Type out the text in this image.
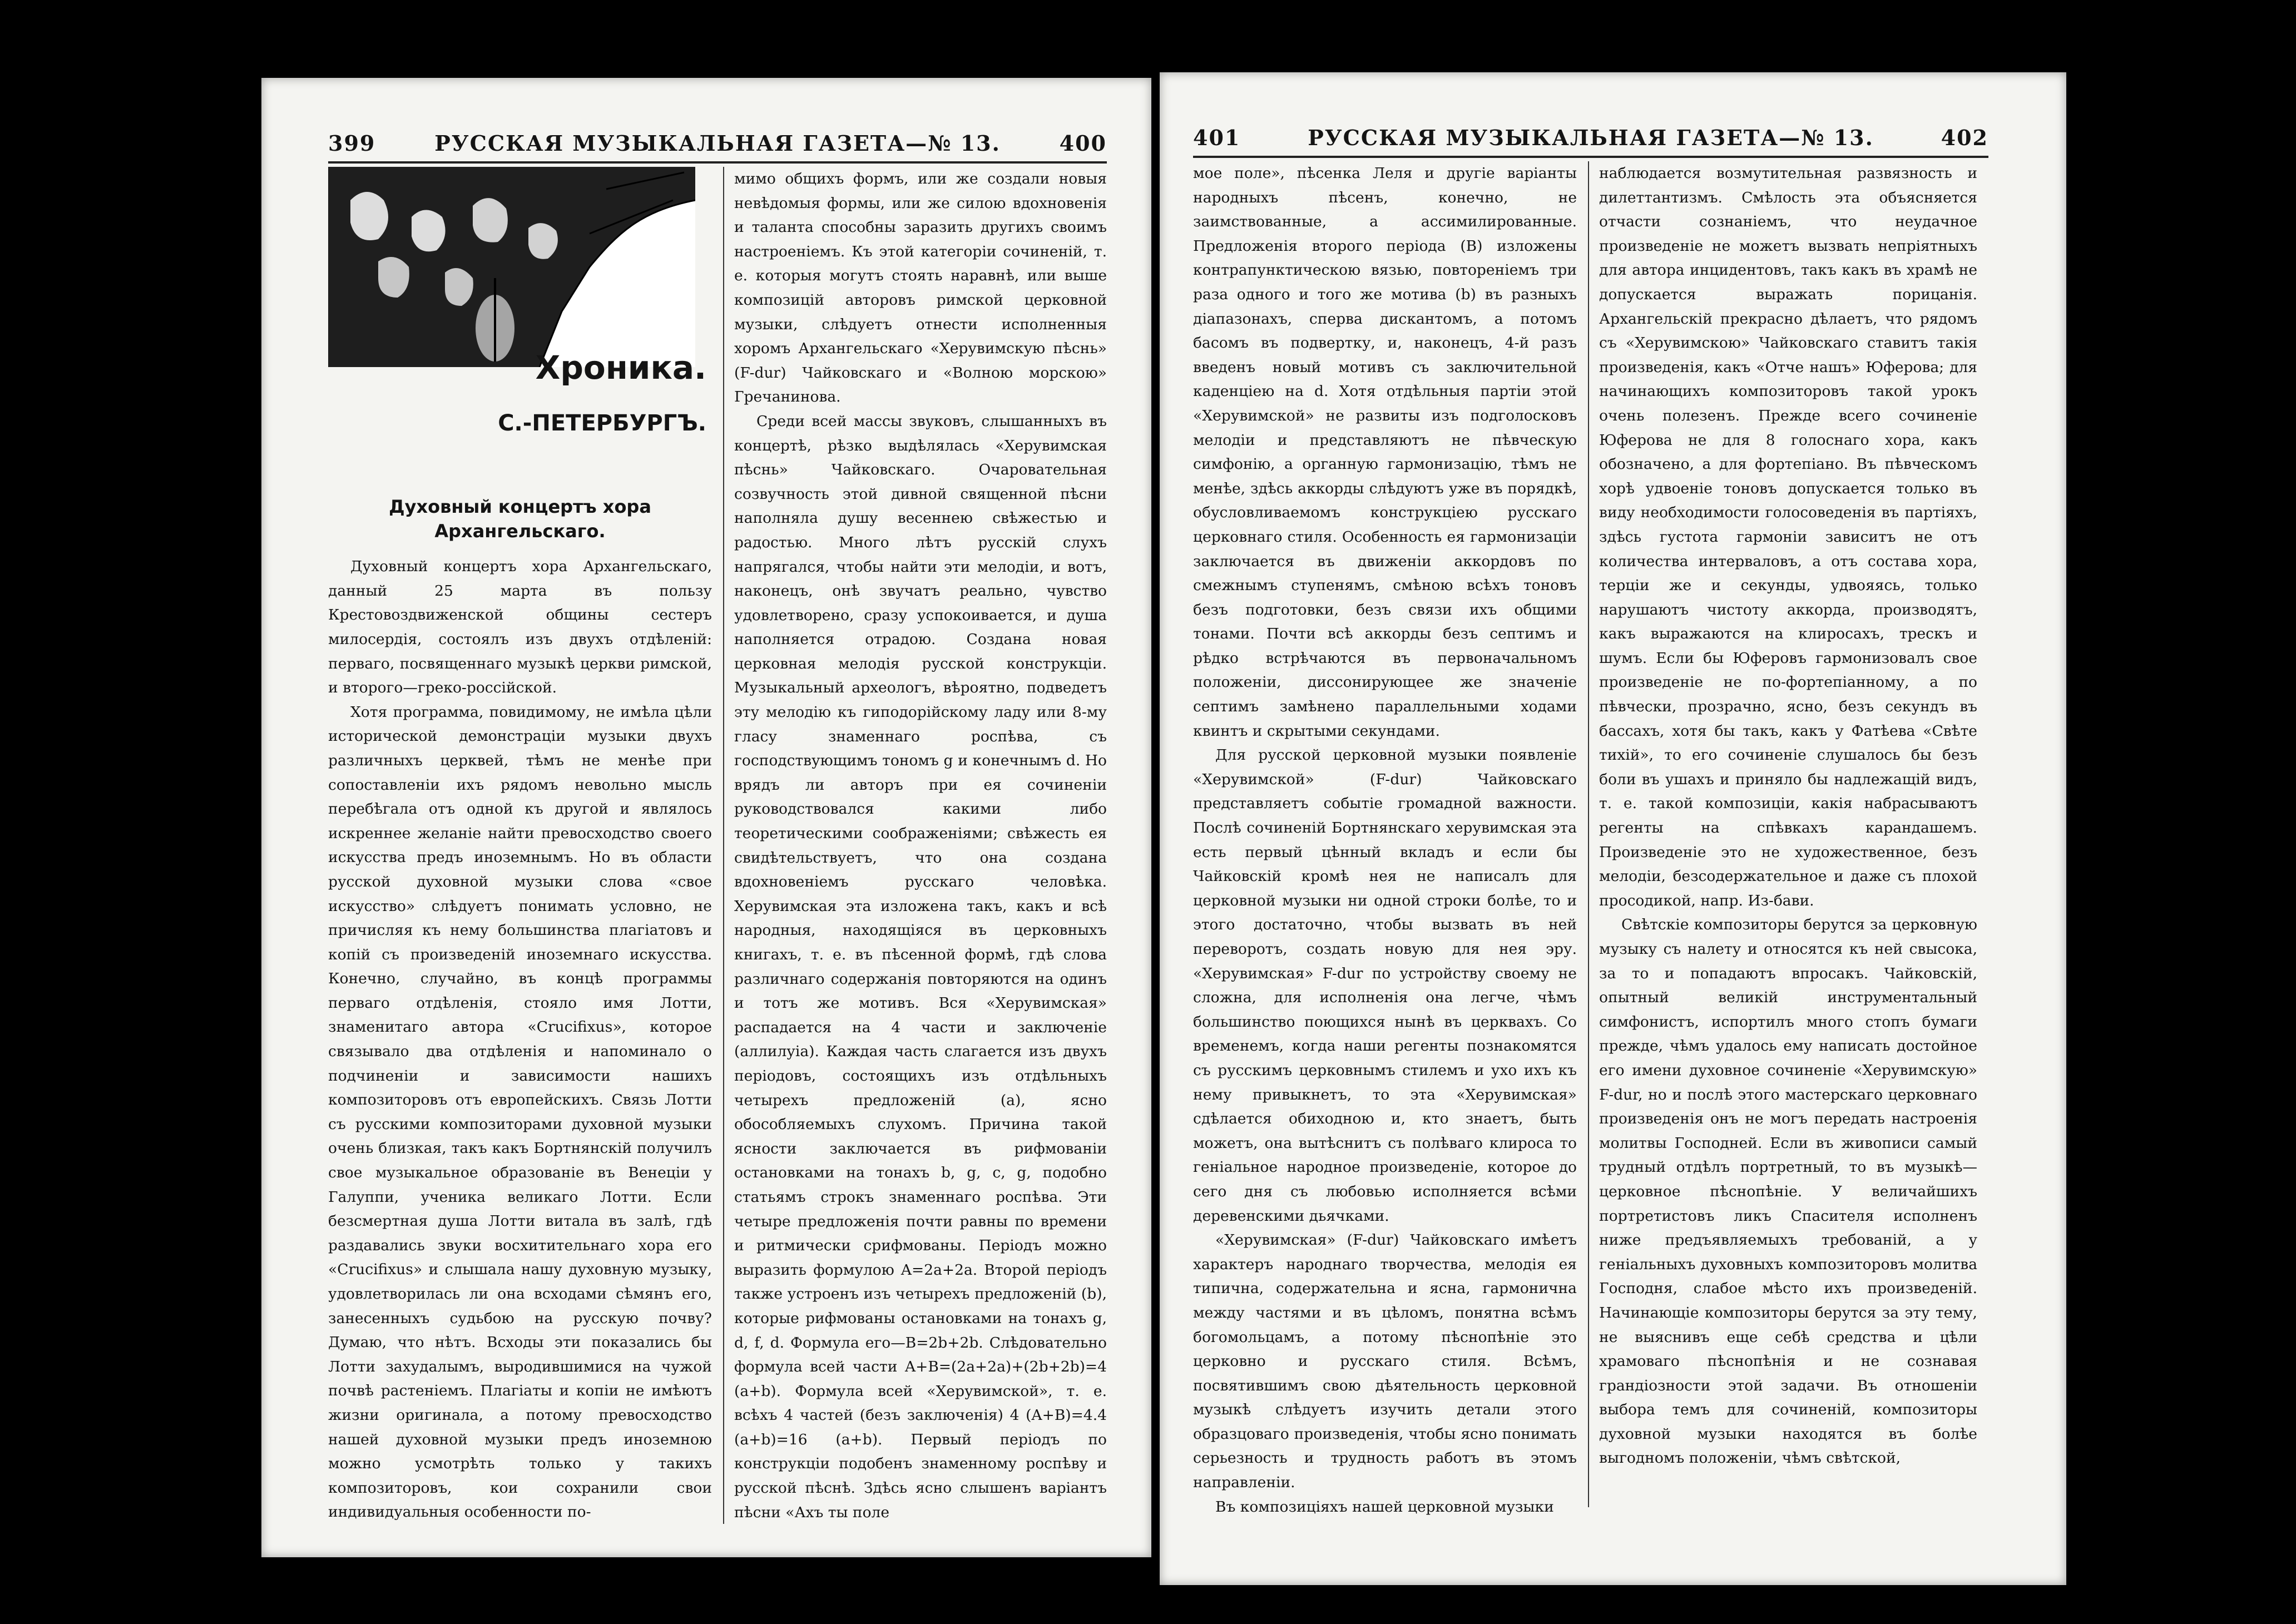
399	РУССКАЯ МУЗЫКАЛЬНАЯ ГАЗЕТА—№ 13.	400
Хроника.
С.-ПЕТЕРБУРГЪ.
Духовный концертъ хора Архангельскаго.

Духовный концертъ хора Архангельскаго, данный 25 марта въ пользу Крестовоздвиженской общины сестеръ милосердія, состоялъ изъ двухъ отдѣленій: перваго, посвященнаго музыкѣ церкви римской, и второго—греко-россійской.

Хотя программа, повидимому, не имѣла цѣли исторической демонстраціи музыки двухъ различныхъ церквей, тѣмъ не менѣе при сопоставленіи ихъ рядомъ невольно мысль перебѣгала отъ одной къ другой и являлось искреннее желаніе найти превосходство своего искусства предъ иноземнымъ. Но въ области русской духовной музыки слова «свое искусство» слѣдуетъ понимать условно, не причисляя къ нему большинства плагіатовъ и копій съ произведеній иноземнаго искусства. Конечно, случайно, въ концѣ программы перваго отдѣленія, стояло имя Лотти, знаменитаго автора «Crucifixus», которое связывало два отдѣленія и напоминало о подчиненіи и зависимости нашихъ композиторовъ отъ европейскихъ. Связь Лотти съ русскими композиторами духовной музыки очень близкая, такъ какъ Бортнянскій получилъ свое музыкальное образованіе въ Венеціи у Галуппи, ученика великаго Лотти. Если безсмертная душа Лотти витала въ залѣ, гдѣ раздавались звуки восхитительнаго хора его «Crucifixus» и слышала нашу духовную музыку, удовлетворилась ли она всходами сѣмянъ его, занесенныхъ судьбою на русскую почву? Думаю, что нѣтъ. Всходы эти показались бы Лотти захудалымъ, выродившимися на чужой почвѣ растеніемъ. Плагіаты и копіи не имѣютъ жизни оригинала, а потому превосходство нашей духовной музыки предъ иноземною можно усмотрѣть только у такихъ композиторовъ, кои сохранили свои индивидуальныя особенности по-

мимо общихъ формъ, или же создали новыя невѣдомыя формы, или же силою вдохновенія и таланта способны заразить другихъ своимъ настроеніемъ. Къ этой категоріи сочиненій, т. е. которыя могутъ стоять наравнѣ, или выше композицій авторовъ римской церковной музыки, слѣдуетъ отнести исполненныя хоромъ Архангельскаго «Херувимскую пѣснь» (F-dur) Чайковскаго и «Волною морскою» Гречанинова.

Среди всей массы звуковъ, слышанныхъ въ концертѣ, рѣзко выдѣлялась «Херувимская пѣснь» Чайковскаго. Очаровательная созвучность этой дивной священной пѣсни наполняла душу весеннею свѣжестью и радостью. Много лѣтъ русскій слухъ напрягался, чтобы найти эти мелодіи, и вотъ, наконецъ, онѣ звучатъ реально, чувство удовлетворено, сразу успокоивается, и душа наполняется отрадою. Создана новая церковная мелодія русской конструкціи. Музыкальный археологъ, вѣроятно, подведетъ эту мелодію къ гиподорійскому ладу или 8-му гласу знаменнаго роспѣва, съ господствующимъ тономъ g и конечнымъ d. Но врядъ ли авторъ при ея сочиненіи руководствовался какими либо теоретическими соображеніями; свѣжесть ея свидѣтельствуетъ, что она создана вдохновеніемъ русскаго человѣка. Херувимская эта изложена такъ, какъ и всѣ народныя, находящіяся въ церковныхъ книгахъ, т. е. въ пѣсенной формѣ, гдѣ слова различнаго содержанія повторяются на одинъ и тотъ же мотивъ. Вся «Херувимская» распадается на 4 части и заключеніе (аллилуіа). Каждая часть слагается изъ двухъ періодовъ, состоящихъ изъ отдѣльныхъ четырехъ предложеній (a), ясно обособляемыхъ слухомъ. Причина такой ясности заключается въ рифмованіи остановками на тонахъ b, g, c, g, подобно статьямъ строкъ знаменнаго роспѣва. Эти четыре предложенія почти равны по времени и ритмически срифмованы. Періодъ можно выразить формулою A=2a+2a. Второй періодъ также устроенъ изъ четырехъ предложеній (b), которые рифмованы остановками на тонахъ g, d, f, d. Формула его—B=2b+2b. Слѣдовательно формула всей части A+B=(2a+2a)+(2b+2b)=4 (a+b). Формула всей «Херувимской», т. е. всѣхъ 4 частей (безъ заключенія) 4 (A+B)=4.4 (a+b)=16 (a+b). Первый періодъ по конструкціи подобенъ знаменному роспѣву и русской пѣснѣ. Здѣсь ясно слышенъ варіантъ пѣсни «Ахъ ты поле

401	РУССКАЯ МУЗЫКАЛЬНАЯ ГАЗЕТА—№ 13.	402

мое поле», пѣсенка Леля и другіе варіанты народныхъ пѣсенъ, конечно, не заимствованные, а ассимилированные. Предложенія второго періода (B) изложены контрапунктическою вязью, повтореніемъ три раза одного и того же мотива (b) въ разныхъ діапазонахъ, сперва дискантомъ, а потомъ басомъ въ подвертку, и, наконецъ, 4-й разъ введенъ новый мотивъ съ заключительной каденціею на d. Хотя отдѣльныя партіи этой «Херувимской» не развиты изъ подголосковъ мелодіи и представляютъ не пѣвческую симфонію, а органную гармонизацію, тѣмъ не менѣе, здѣсь аккорды слѣдуютъ уже въ порядкѣ, обусловливаемомъ конструкціею русскаго церковнаго стиля. Особенность ея гармонизаціи заключается въ движеніи аккордовъ по смежнымъ ступенямъ, смѣною всѣхъ тоновъ безъ подготовки, безъ связи ихъ общими тонами. Почти всѣ аккорды безъ септимъ и рѣдко встрѣчаются въ первоначальномъ положеніи, диссонирующее же значеніе септимъ замѣнено параллельными ходами квинтъ и скрытыми секундами.

Для русской церковной музыки появленіе «Херувимской» (F-dur) Чайковскаго представляетъ событіе громадной важности. Послѣ сочиненій Бортнянскаго херувимская эта есть первый цѣнный вкладъ и если бы Чайковскій кромѣ нея не написалъ для церковной музыки ни одной строки болѣе, то и этого достаточно, чтобы вызвать въ ней переворотъ, создать новую для нея эру. «Херувимская» F-dur по устройству своему не сложна, для исполненія она легче, чѣмъ большинство поющихся нынѣ въ церквахъ. Со временемъ, когда наши регенты познакомятся съ русскимъ церковнымъ стилемъ и ухо ихъ къ нему привыкнетъ, то эта «Херувимская» сдѣлается обиходною и, кто знаетъ, быть можетъ, она вытѣснитъ съ полѣваго клироса то геніальное народное произведеніе, которое до сего дня съ любовью исполняется всѣми деревенскими дьячками.

«Херувимская» (F-dur) Чайковскаго имѣетъ характеръ народнаго творчества, мелодія ея типична, содержательна и ясна, гармонична между частями и въ цѣломъ, понятна всѣмъ богомольцамъ, а потому пѣснопѣніе это церковно и русскаго стиля. Всѣмъ, посвятившимъ свою дѣятельность церковной музыкѣ слѣдуетъ изучить детали этого образцоваго произведенія, чтобы ясно понимать серьезность и трудность работъ въ этомъ направленіи.

Въ композиціяхъ нашей церковной музыки

наблюдается возмутительная развязность и дилеттантизмъ. Смѣлость эта объясняется отчасти сознаніемъ, что неудачное произведеніе не можетъ вызвать непріятныхъ для автора инцидентовъ, такъ какъ въ храмѣ не допускается выражать порицанія. Архангельскій прекрасно дѣлаетъ, что рядомъ съ «Херувимскою» Чайковскаго ставитъ такія произведенія, какъ «Отче нашъ» Юферова; для начинающихъ композиторовъ такой урокъ очень полезенъ. Прежде всего сочиненіе Юферова не для 8 голоснаго хора, какъ обозначено, а для фортепіано. Въ пѣвческомъ хорѣ удвоеніе тоновъ допускается только въ виду необходимости голосоведенія въ партіяхъ, здѣсь густота гармоніи зависитъ не отъ количества интерваловъ, а отъ состава хора, терціи же и секунды, удвояясь, только нарушаютъ чистоту аккорда, производятъ, какъ выражаются на клиросахъ, трескъ и шумъ. Если бы Юферовъ гармонизовалъ свое произведеніе не по-фортепіанному, а по пѣвчески, прозрачно, ясно, безъ секундъ въ бассахъ, хотя бы такъ, какъ у Фатѣева «Свѣте тихій», то его сочиненіе слушалось бы безъ боли въ ушахъ и приняло бы надлежащій видъ, т. е. такой композиціи, какія набрасываютъ регенты на спѣвкахъ карандашемъ. Произведеніе это не художественное, безъ мелодіи, безсодержательное и даже съ плохой просодикой, напр. Из-бави.

Свѣтскіе композиторы берутся за церковную музыку съ налету и относятся къ ней свысока, за то и попадаютъ впросакъ. Чайковскій, опытный великій инструментальный симфонистъ, испортилъ много стопъ бумаги прежде, чѣмъ удалось ему написать достойное его имени духовное сочиненіе «Херувимскую» F-dur, но и послѣ этого мастерскаго церковнаго произведенія онъ не могъ передать настроенія молитвы Господней. Если въ живописи самый трудный отдѣлъ портретный, то въ музыкѣ—церковное пѣснопѣніе. У величайшихъ портретистовъ ликъ Спасителя исполненъ ниже предъявляемыхъ требованій, а у геніальныхъ духовныхъ композиторовъ молитва Господня, слабое мѣсто ихъ произведеній. Начинающіе композиторы берутся за эту тему, не выяснивъ еще себѣ средства и цѣли храмоваго пѣснопѣнія и не сознавая грандіозности этой задачи. Въ отношеніи выбора темъ для сочиненій, композиторы духовной музыки находятся въ болѣе выгодномъ положеніи, чѣмъ свѣтской,
